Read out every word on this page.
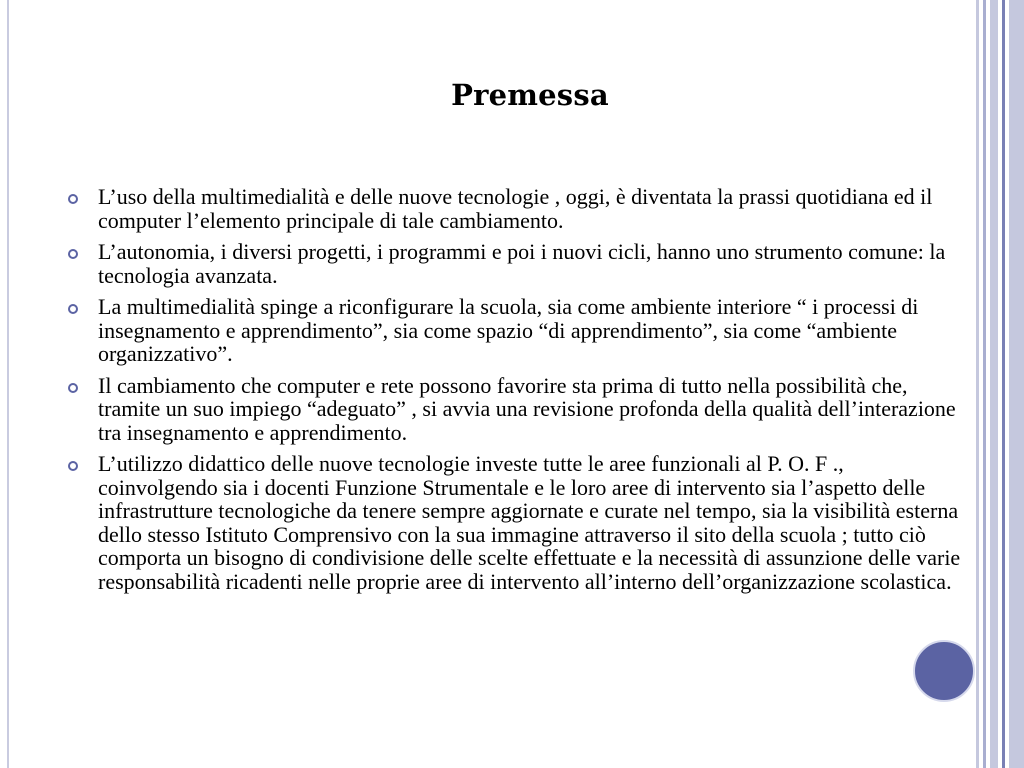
Premessa
L’uso della multimedialità e delle nuove tecnologie , oggi, è diventata la prassi quotidiana ed il computer l’elemento principale di tale cambiamento.
L’autonomia, i diversi progetti, i programmi e poi i nuovi cicli, hanno uno strumento comune: la tecnologia avanzata.
La multimedialità spinge a riconfigurare la scuola, sia come ambiente interiore “ i processi di insegnamento e apprendimento”, sia come spazio “di apprendimento”, sia come “ambiente organizzativo”.
Il cambiamento che computer e rete possono favorire sta prima di tutto nella possibilità che, tramite un suo impiego “adeguato” , si avvia una revisione profonda della qualità dell’interazione tra insegnamento e apprendimento.
L’utilizzo didattico delle nuove tecnologie investe tutte le aree funzionali al P. O. F ., coinvolgendo sia i docenti Funzione Strumentale e le loro aree di intervento sia l’aspetto delle infrastrutture tecnologiche da tenere sempre aggiornate e curate nel tempo, sia la visibilità esterna dello stesso Istituto Comprensivo con la sua immagine attraverso il sito della scuola ; tutto ciò comporta un bisogno di condivisione delle scelte effettuate e la necessità di assunzione delle varie responsabilità ricadenti nelle proprie aree di intervento all’interno dell’organizzazione scolastica.
